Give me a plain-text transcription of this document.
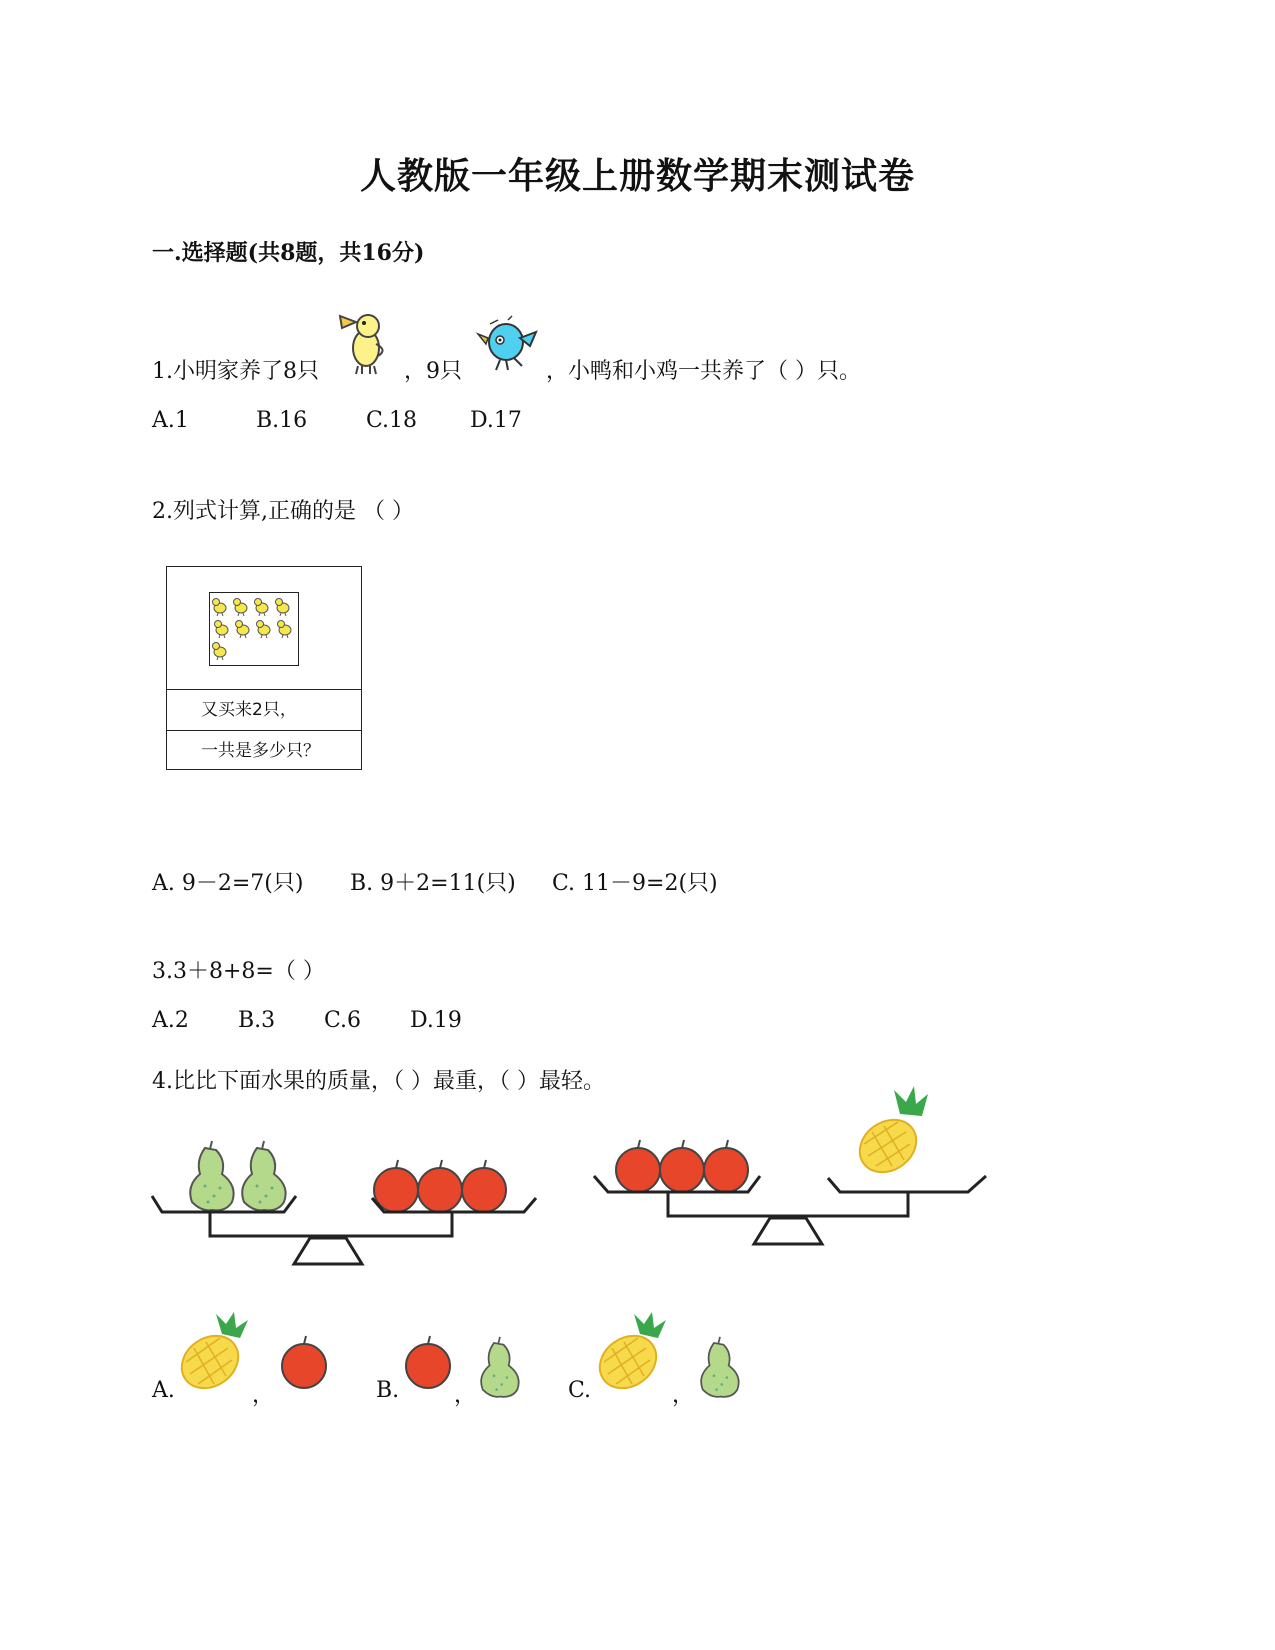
人教版一年级上册数学期末测试卷
一.选择题(共8题，共16分)
1.小明家养了8只	，9只	，小鸭和小鸡一共养了（ ）只。
A.1	B.16	C.18 D.17
2.列式计算,正确的是 （ ）
又买来2只，
一共是多少只？
A. 9－2=7(只) B. 9＋2=11(只) C. 11－9=2(只)
3.3＋8+8=（ ）
A.2 B.3 C.6 D.19
4.比比下面水果的质量，（ ）最重，（ ）最轻。
A.	，	B. ，	C.	，
